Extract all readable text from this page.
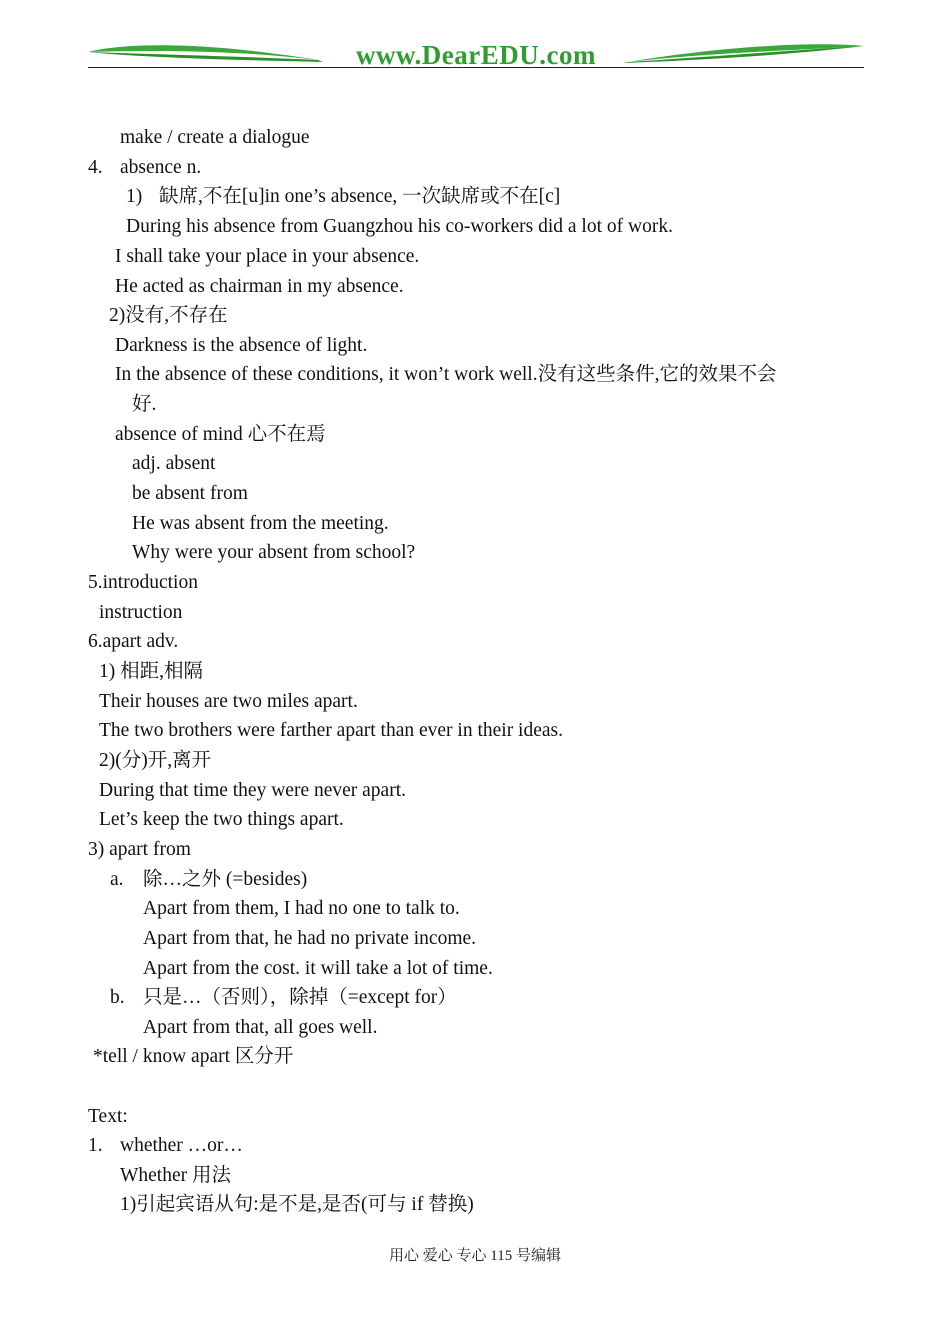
www.DearEDU.com
make / create a dialogue
4. absence n.
1) 缺席,不在[u]in one’s absence, 一次缺席或不在[c]
During his absence from Guangzhou his co-workers did a lot of work.
I shall take your place in your absence.
He acted as chairman in my absence.
2)没有,不存在
Darkness is the absence of light.
In the absence of these conditions, it won’t work well.没有这些条件,它的效果不会
好.
absence of mind 心不在焉
adj. absent
be absent from
He was absent from the meeting.
Why were your absent from school?
5.introduction
instruction
6.apart adv.
1) 相距,相隔
Their houses are two miles apart.
The two brothers were farther apart than ever in their ideas.
2)(分)开,离开
During that time they were never apart.
Let’s keep the two things apart.
3) apart from
a. 除…之外 (=besides)
Apart from them, I had no one to talk to.
Apart from that, he had no private income.
Apart from the cost. it will take a lot of time.
b. 只是…（否则），除掉（=except for）
Apart from that, all goes well.
*tell / know apart 区分开
Text:
1. whether …or…
Whether 用法
1)引起宾语从句:是不是,是否(可与 if 替换)
用心 爱心 专心 115 号编辑
